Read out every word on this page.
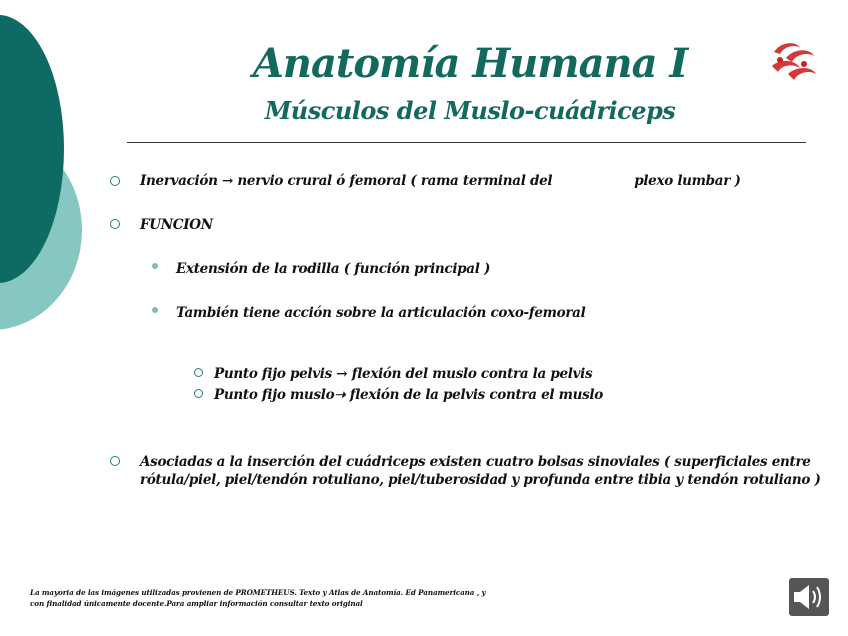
Anatomía Humana I
Músculos del Muslo-cuádriceps
Inervación → nervio crural ó femoral ( rama terminal del	plexo lumbar )
FUNCION
Extensión de la rodilla ( función principal )
También tiene acción sobre la articulación coxo-femoral
Punto fijo pelvis → flexión del muslo contra la pelvis
Punto fijo muslo➝ flexión de la pelvis contra el muslo
Asociadas a la inserción del cuádriceps existen cuatro bolsas sinoviales ( superficiales entre
rótula/piel, piel/tendón rotuliano, piel/tuberosidad y profunda entre tibia y tendón rotuliano )
La mayoria de las imágenes utilizadas provienen de PROMETHEUS. Texto y Atlas de Anatomía. Ed Panamericana , y
con finalidad únicamente docente.Para ampliar información consultar texto original
